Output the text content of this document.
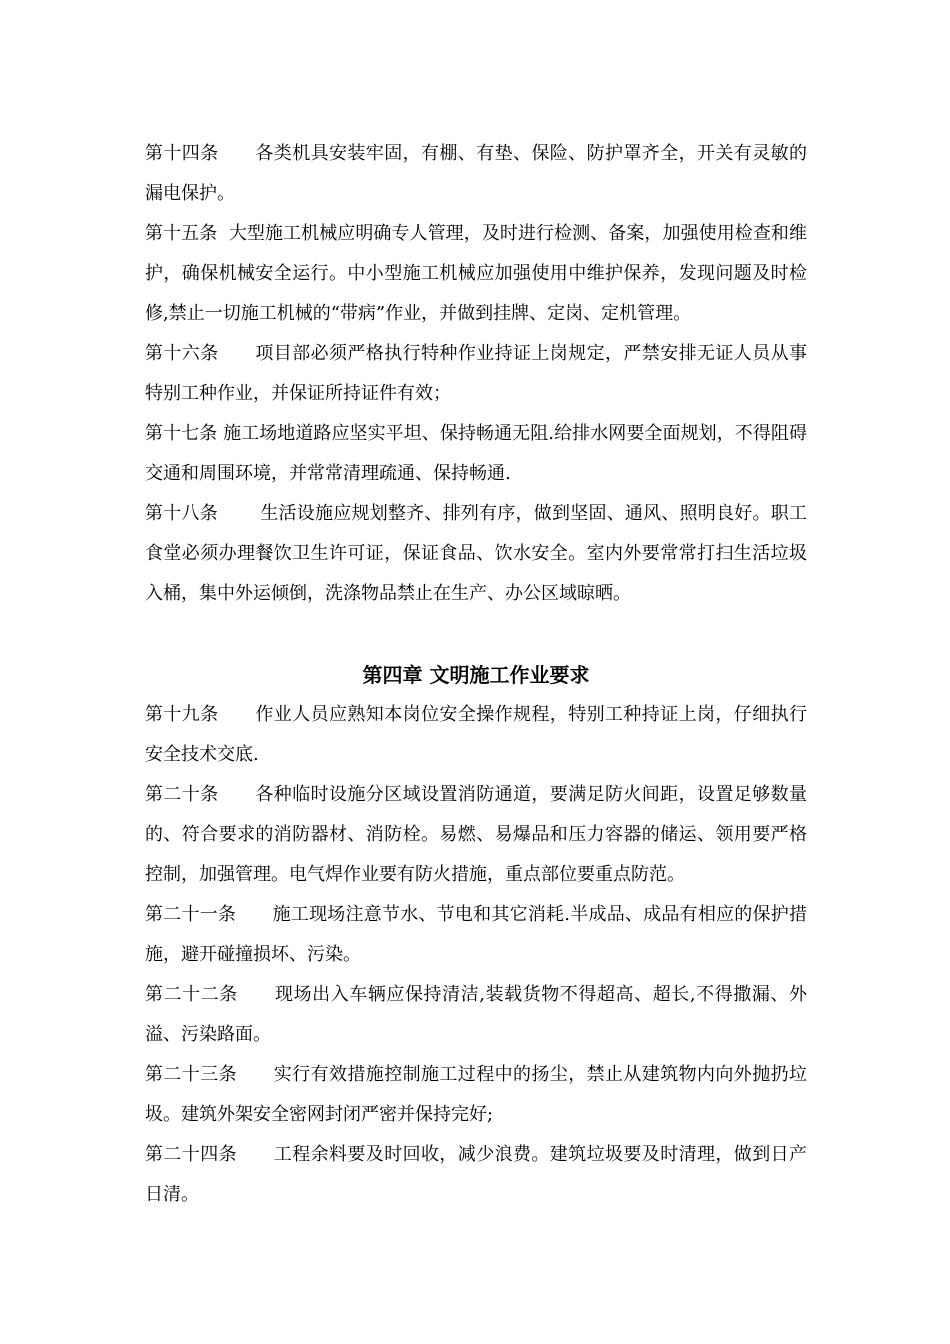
第十四条　　各类机具安装牢固，有棚、有垫、保险、防护罩齐全，开关有灵敏的漏电保护。

第十五条  大型施工机械应明确专人管理，及时进行检测、备案，加强使用检查和维护，确保机械安全运行。中小型施工机械应加强使用中维护保养，发现问题及时检修,禁止一切施工机械的“带病”作业，并做到挂牌、定岗、定机管理。

第十六条　　项目部必须严格执行特种作业持证上岗规定，严禁安排无证人员从事特别工种作业，并保证所持证件有效；

第十七条 施工场地道路应坚实平坦、保持畅通无阻.给排水网要全面规划，不得阻碍交通和周围环境，并常常清理疏通、保持畅通.

第十八条　　 生活设施应规划整齐、排列有序，做到坚固、通风、照明良好。职工食堂必须办理餐饮卫生许可证，保证食品、饮水安全。室内外要常常打扫生活垃圾入桶，集中外运倾倒，洗涤物品禁止在生产、办公区域晾晒。

第四章 文明施工作业要求

第十九条　　作业人员应熟知本岗位安全操作规程，特别工种持证上岗，仔细执行安全技术交底.

第二十条　　各种临时设施分区域设置消防通道，要满足防火间距，设置足够数量的、符合要求的消防器材、消防栓。易燃、易爆品和压力容器的储运、领用要严格控制，加强管理。电气焊作业要有防火措施，重点部位要重点防范。

第二十一条　　施工现场注意节水、节电和其它消耗.半成品、成品有相应的保护措施，避开碰撞损坏、污染。

第二十二条　　现场出入车辆应保持清洁,装载货物不得超高、超长,不得撒漏、外溢、污染路面。

第二十三条　　实行有效措施控制施工过程中的扬尘，禁止从建筑物内向外抛扔垃圾。建筑外架安全密网封闭严密并保持完好;

第二十四条　　工程余料要及时回收，减少浪费。建筑垃圾要及时清理，做到日产日清。
